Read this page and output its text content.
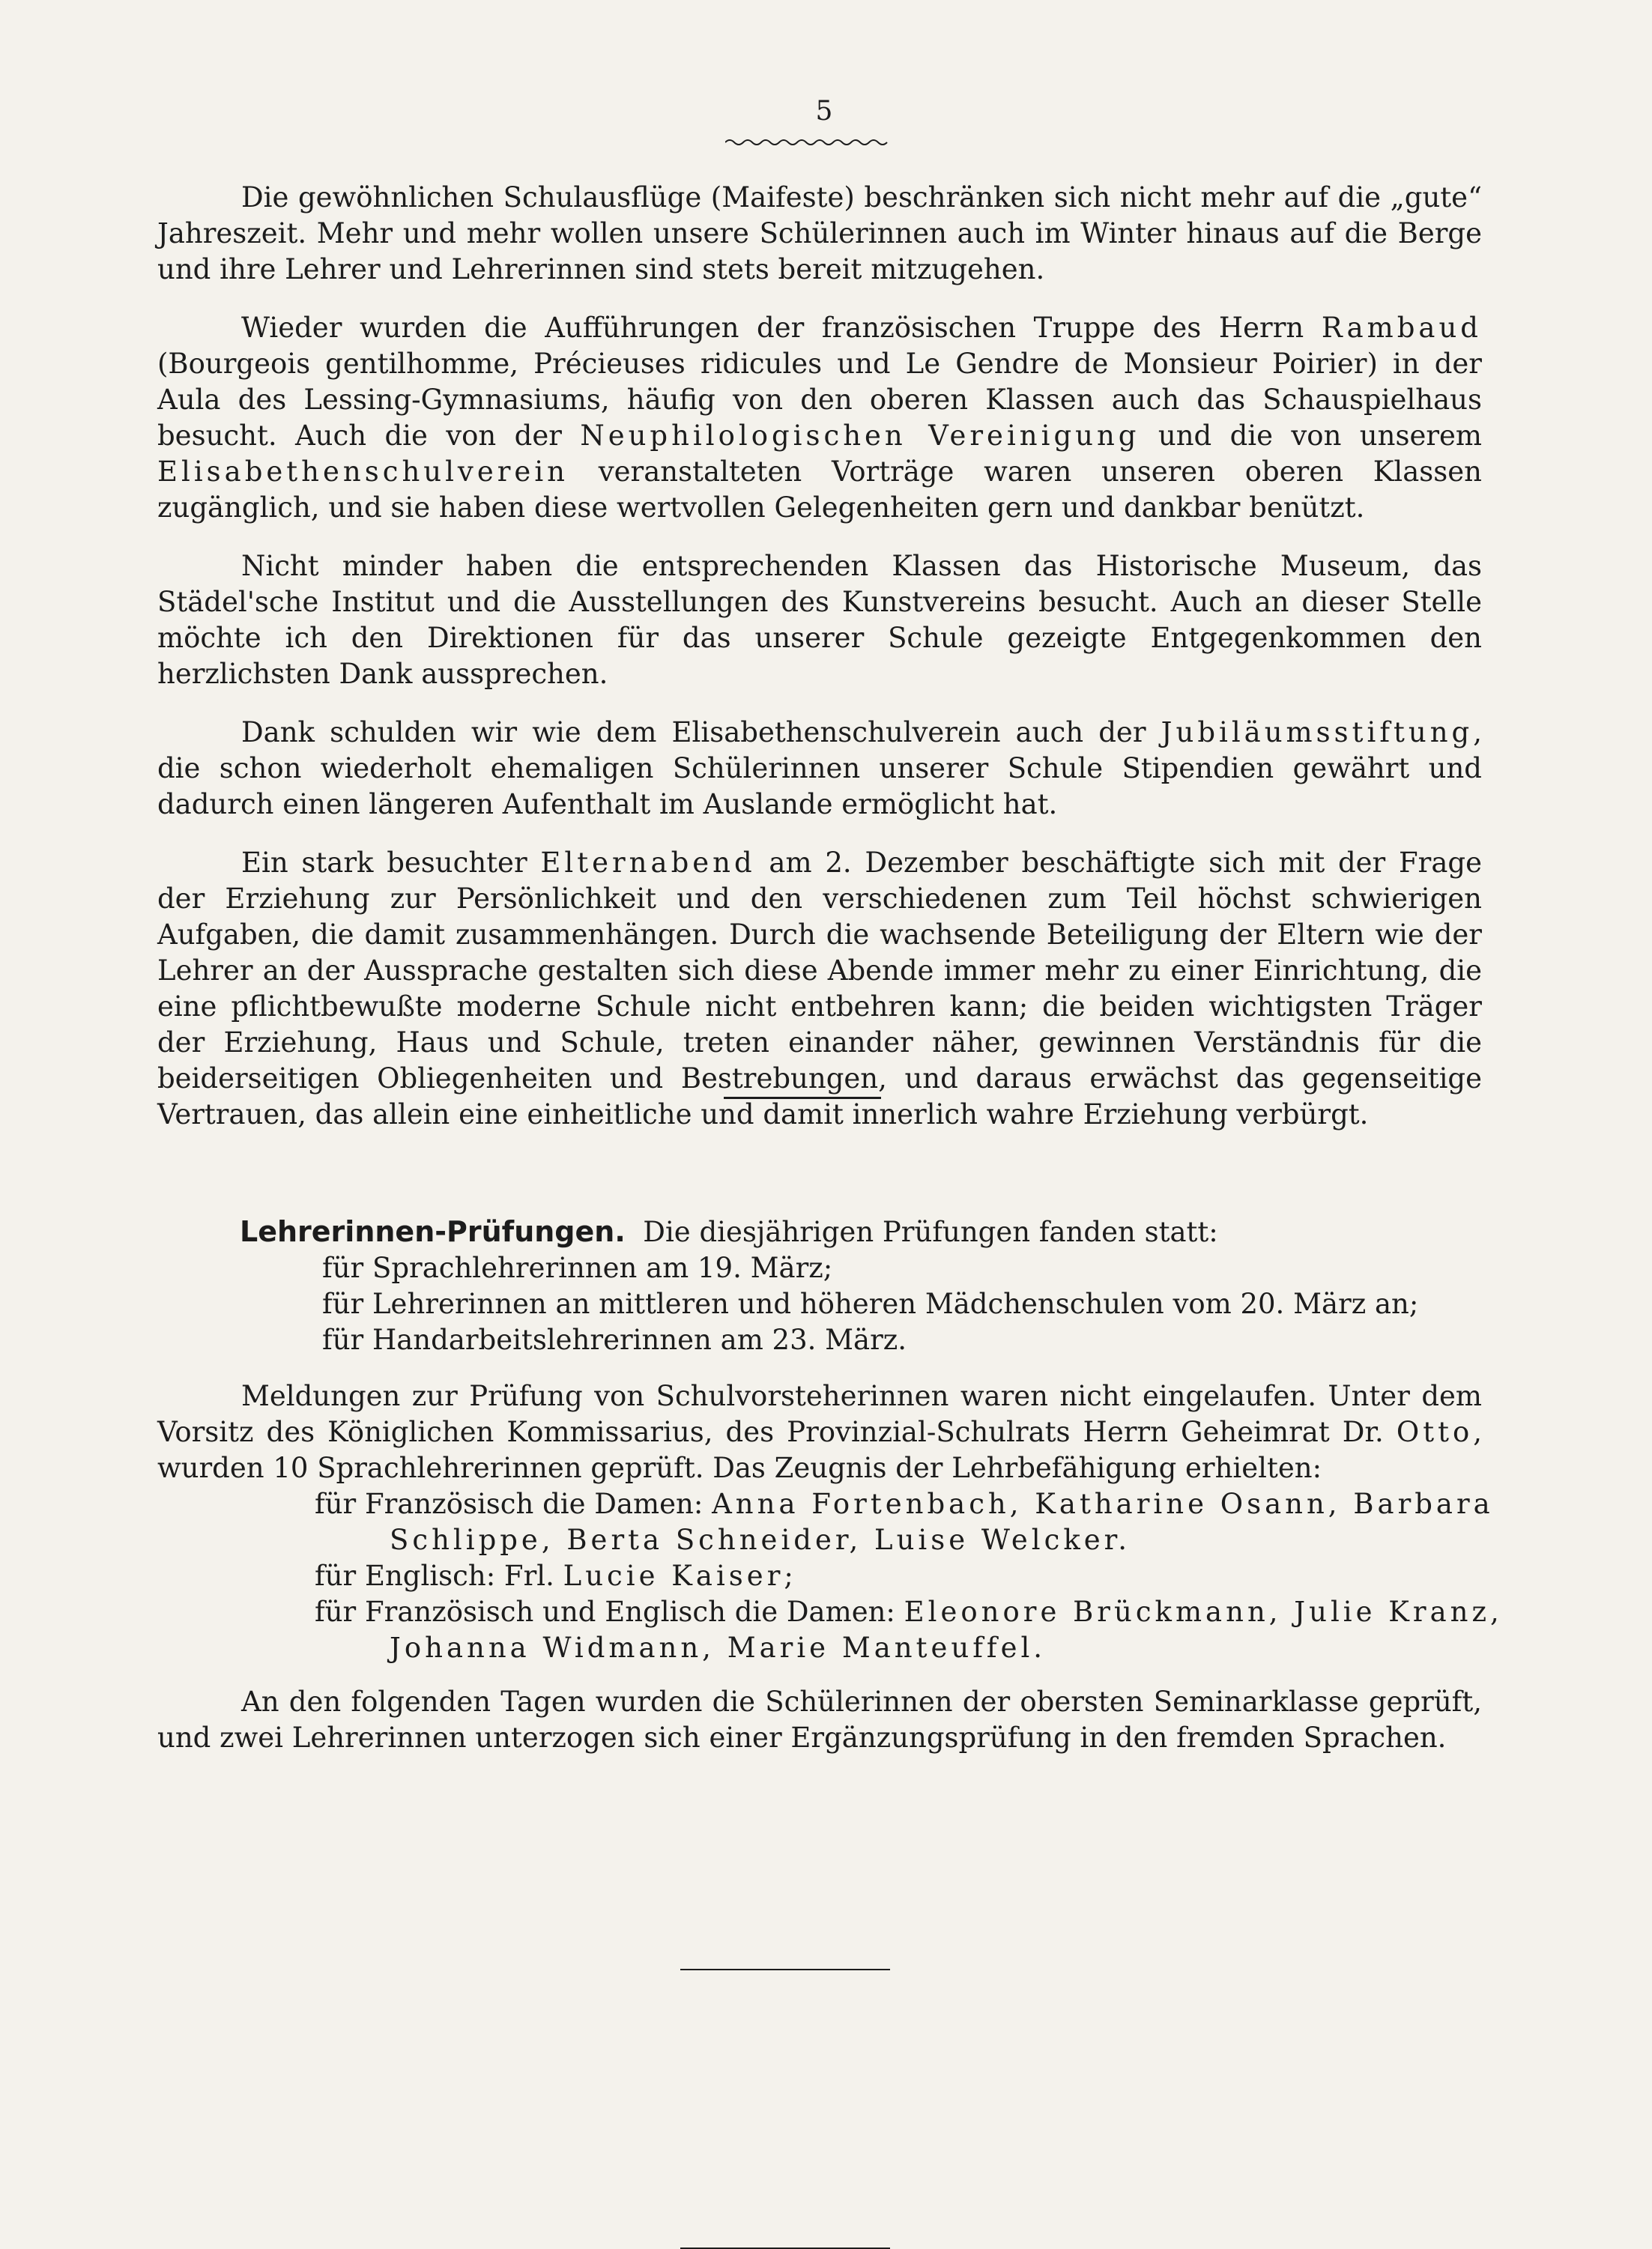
5

Die gewöhnlichen Schulausflüge (Maifeste) beschränken sich nicht mehr auf die „gute“ Jahreszeit. Mehr und mehr wollen unsere Schülerinnen auch im Winter hinaus auf die Berge und ihre Lehrer und Lehrerinnen sind stets bereit mitzugehen.

Wieder wurden die Aufführungen der französischen Truppe des Herrn Rambaud (Bourgeois gentilhomme, Précieuses ridicules und Le Gendre de Monsieur Poirier) in der Aula des Lessing-Gymnasiums, häufig von den oberen Klassen auch das Schauspielhaus besucht. Auch die von der Neuphilologischen Vereinigung und die von unserem Elisabethenschulverein veranstalteten Vorträge waren unseren oberen Klassen zugänglich, und sie haben diese wertvollen Gelegenheiten gern und dankbar benützt.

Nicht minder haben die entsprechenden Klassen das Historische Museum, das Städel'sche Institut und die Ausstellungen des Kunstvereins besucht. Auch an dieser Stelle möchte ich den Direktionen für das unserer Schule gezeigte Entgegenkommen den herzlichsten Dank aussprechen.

Dank schulden wir wie dem Elisabethenschulverein auch der Jubiläumsstiftung, die schon wiederholt ehemaligen Schülerinnen unserer Schule Stipendien gewährt und dadurch einen längeren Aufenthalt im Auslande ermöglicht hat.

Ein stark besuchter Elternabend am 2. Dezember beschäftigte sich mit der Frage der Erziehung zur Persönlichkeit und den verschiedenen zum Teil höchst schwierigen Aufgaben, die damit zusammenhängen. Durch die wachsende Beteiligung der Eltern wie der Lehrer an der Aussprache gestalten sich diese Abende immer mehr zu einer Einrichtung, die eine pflichtbewußte moderne Schule nicht entbehren kann; die beiden wichtigsten Träger der Erziehung, Haus und Schule, treten einander näher, gewinnen Verständnis für die beiderseitigen Obliegenheiten und Bestrebungen, und daraus erwächst das gegenseitige Vertrauen, das allein eine einheitliche und damit innerlich wahre Erziehung verbürgt.

Lehrerinnen-Prüfungen. Die diesjährigen Prüfungen fanden statt:
für Sprachlehrerinnen am 19. März;
für Lehrerinnen an mittleren und höheren Mädchenschulen vom 20. März an;
für Handarbeitslehrerinnen am 23. März.

Meldungen zur Prüfung von Schulvorsteherinnen waren nicht eingelaufen. Unter dem Vorsitz des Königlichen Kommissarius, des Provinzial-Schulrats Herrn Geheimrat Dr. Otto, wurden 10 Sprachlehrerinnen geprüft. Das Zeugnis der Lehrbefähigung erhielten:

für Französisch die Damen: Anna Fortenbach, Katharine Osann, Barbara
Schlippe, Berta Schneider, Luise Welcker.
für Englisch: Frl. Lucie Kaiser;
für Französisch und Englisch die Damen: Eleonore Brückmann, Julie Kranz,
Johanna Widmann, Marie Manteuffel.

An den folgenden Tagen wurden die Schülerinnen der obersten Seminarklasse geprüft, und zwei Lehrerinnen unterzogen sich einer Ergänzungsprüfung in den fremden Sprachen.
